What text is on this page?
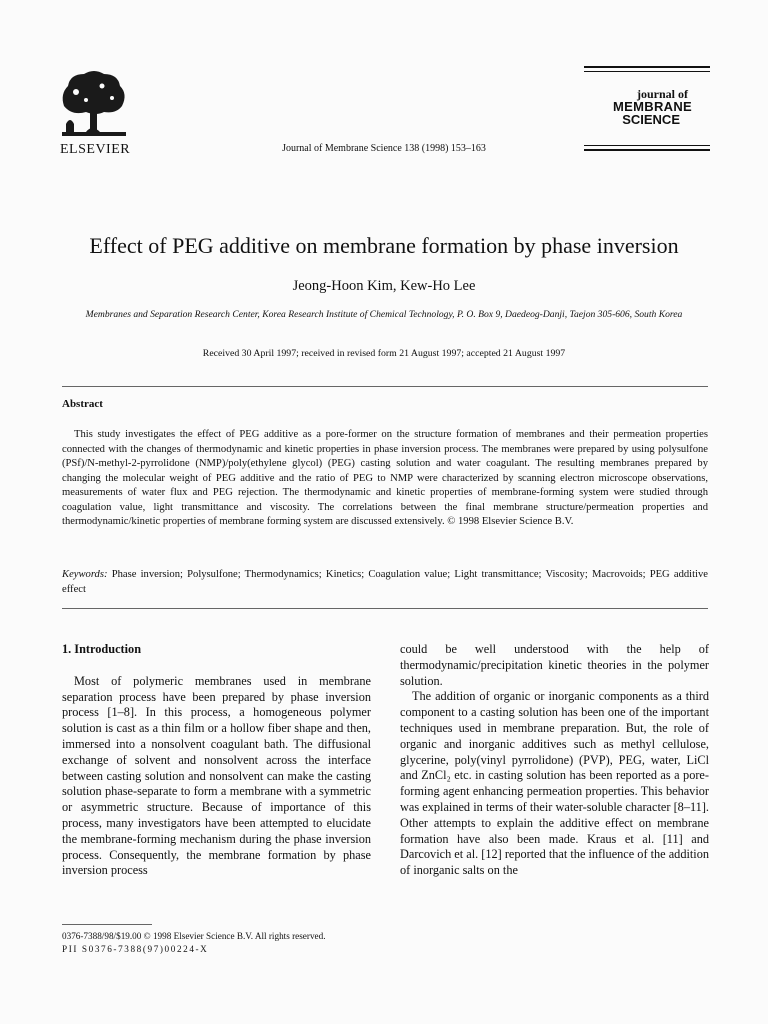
ELSEVIER	Journal of Membrane Science 138 (1998) 153–163
journal of
MEMBRANE
SCIENCE
Effect of PEG additive on membrane formation by phase inversion
Jeong-Hoon Kim, Kew-Ho Lee
Membranes and Separation Research Center, Korea Research Institute of Chemical Technology, P. O. Box 9, Daedeog-Danji, Taejon 305-606, South Korea
Received 30 April 1997; received in revised form 21 August 1997; accepted 21 August 1997
Abstract

This study investigates the effect of PEG additive as a pore-former on the structure formation of membranes and their permeation properties connected with the changes of thermodynamic and kinetic properties in phase inversion process. The membranes were prepared by using polysulfone (PSf)/N-methyl-2-pyrrolidone (NMP)/poly(ethylene glycol) (PEG) casting solution and water coagulant. The resulting membranes prepared by changing the molecular weight of PEG additive and the ratio of PEG to NMP were characterized by scanning electron microscope observations, measurements of water flux and PEG rejection. The thermodynamic and kinetic properties of membrane-forming system were studied through coagulation value, light transmittance and viscosity. The correlations between the final membrane structure/permeation properties and thermodynamic/kinetic properties of membrane forming system are discussed extensively. © 1998 Elsevier Science B.V.

Keywords: Phase inversion; Polysulfone; Thermodynamics; Kinetics; Coagulation value; Light transmittance; Viscosity; Macrovoids; PEG additive effect

1. Introduction

Most of polymeric membranes used in membrane separation process have been prepared by phase inversion process [1–8]. In this process, a homogeneous polymer solution is cast as a thin film or a hollow fiber shape and then, immersed into a nonsolvent coagulant bath. The diffusional exchange of solvent and nonsolvent across the interface between casting solution and nonsolvent can make the casting solution phase-separate to form a membrane with a symmetric or asymmetric structure. Because of importance of this process, many investigators have been attempted to elucidate the membrane-forming mechanism during the phase inversion process. Consequently, the membrane formation by phase inversion process

could be well understood with the help of thermodynamic/precipitation kinetic theories in the polymer solution.

The addition of organic or inorganic components as a third component to a casting solution has been one of the important techniques used in membrane preparation. But, the role of organic and inorganic additives such as methyl cellulose, glycerine, poly(vinyl pyrrolidone) (PVP), PEG, water, LiCl and ZnCl₂ etc. in casting solution has been reported as a pore-forming agent enhancing permeation properties. This behavior was explained in terms of their water-soluble character [8–11]. Other attempts to explain the additive effect on membrane formation have also been made. Kraus et al. [11] and Darcovich et al. [12] reported that the influence of the addition of inorganic salts on the

0376-7388/98/$19.00 © 1998 Elsevier Science B.V. All rights reserved.
PII S0376-7388(97)00224-X
